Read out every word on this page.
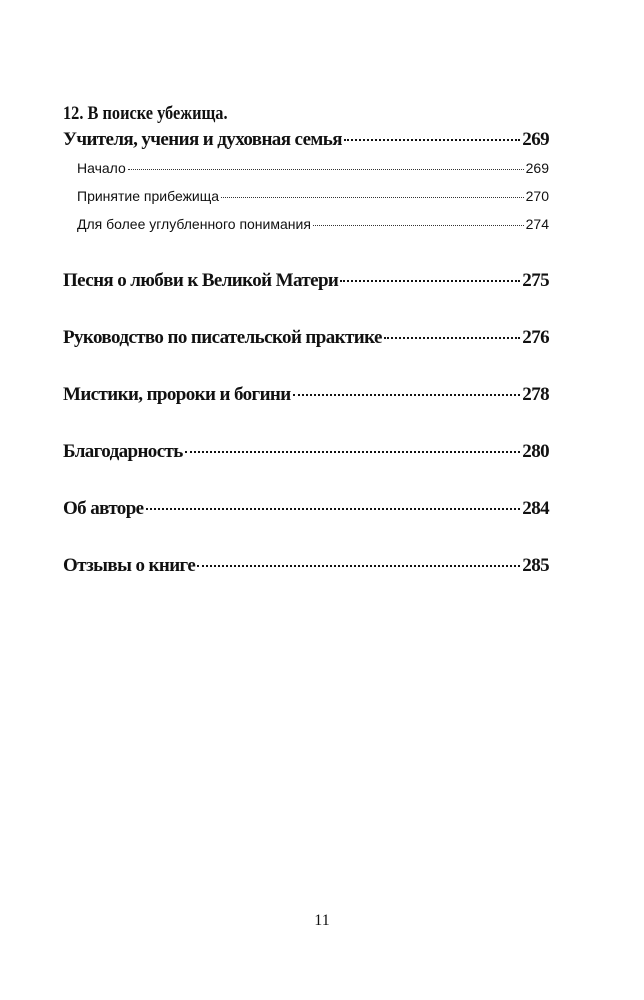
12. В поиске убежища.
Учителя, учения и духовная семья	269
Начало	269
Принятие прибежища	270
Для более углубленного понимания	274
Песня о любви к Великой Матери	275
Руководство по писательской практике	276
Мистики, пророки и богини	278
Благодарность	280
Об авторе	284
Отзывы о книге	285
11
